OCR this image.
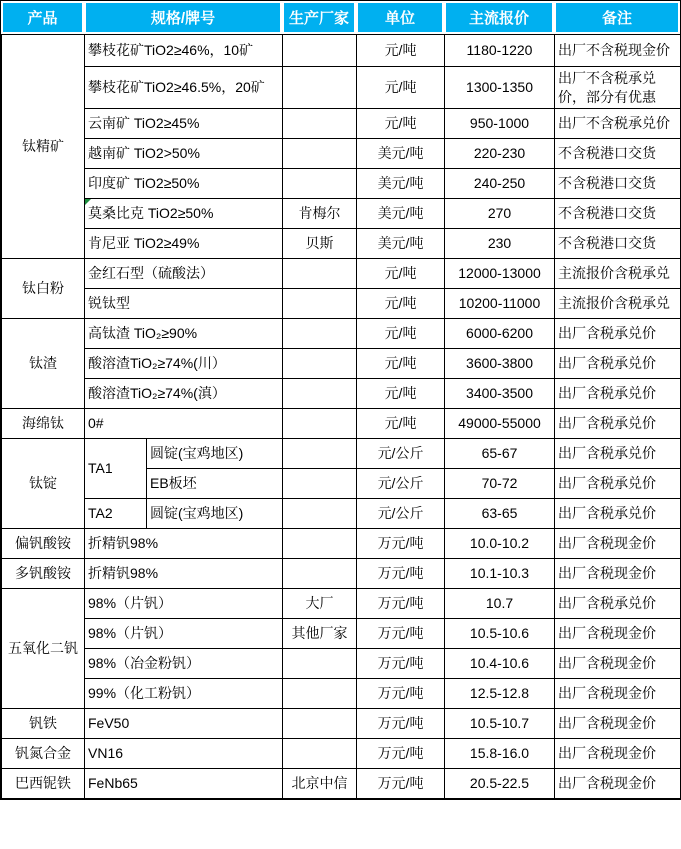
产品	规格/牌号	生产厂家	单位	主流报价	备注
钛精矿	攀枝花矿TiO2≥46%，10矿			元/吨	1180-1220	出厂不含税现金价
	攀枝花矿TiO2≥46.5%，20矿			元/吨	1300-1350	出厂不含税承兑价，部分有优惠
	云南矿 TiO2≥45%			元/吨	950-1000	出厂不含税承兑价
	越南矿 TiO2>50%			美元/吨	220-230	不含税港口交货
	印度矿 TiO2≥50%			美元/吨	240-250	不含税港口交货

莫桑比克 TiO2≥50%		肯梅尔	美元/吨	270	不含税港口交货
	肯尼亚 TiO2≥49%		贝斯	美元/吨	230	不含税港口交货
钛白粉	金红石型（硫酸法）			元/吨	12000-13000	主流报价含税承兑
	锐钛型			元/吨	10200-11000	主流报价含税承兑
钛渣	高钛渣 TiO₂≥90%			元/吨	6000-6200	出厂含税承兑价
	酸溶渣TiO₂≥74%(川）			元/吨	3600-3800	出厂含税承兑价
	酸溶渣TiO₂≥74%(滇）			元/吨	3400-3500	出厂含税承兑价
海绵钛	0#			元/吨	49000-55000	出厂含税承兑价
钛锭	TA1	圆锭(宝鸡地区)		元/公斤	65-67	出厂含税承兑价
		EB板坯		元/公斤	70-72	出厂含税承兑价
	TA2	圆锭(宝鸡地区)		元/公斤	63-65	出厂含税承兑价
偏钒酸铵	折精钒98%			万元/吨	10.0-10.2	出厂含税现金价
多钒酸铵	折精钒98%			万元/吨	10.1-10.3	出厂含税现金价
五氧化二钒	98%（片钒）		大厂	万元/吨	10.7	出厂含税承兑价
	98%（片钒）		其他厂家	万元/吨	10.5-10.6	出厂含税现金价
	98%（冶金粉钒）			万元/吨	10.4-10.6	出厂含税现金价
	99%（化工粉钒）			万元/吨	12.5-12.8	出厂含税现金价
钒铁	FeV50			万元/吨	10.5-10.7	出厂含税现金价
钒氮合金	VN16			万元/吨	15.8-16.0	出厂含税现金价
巴西铌铁	FeNb65		北京中信	万元/吨	20.5-22.5	出厂含税现金价
